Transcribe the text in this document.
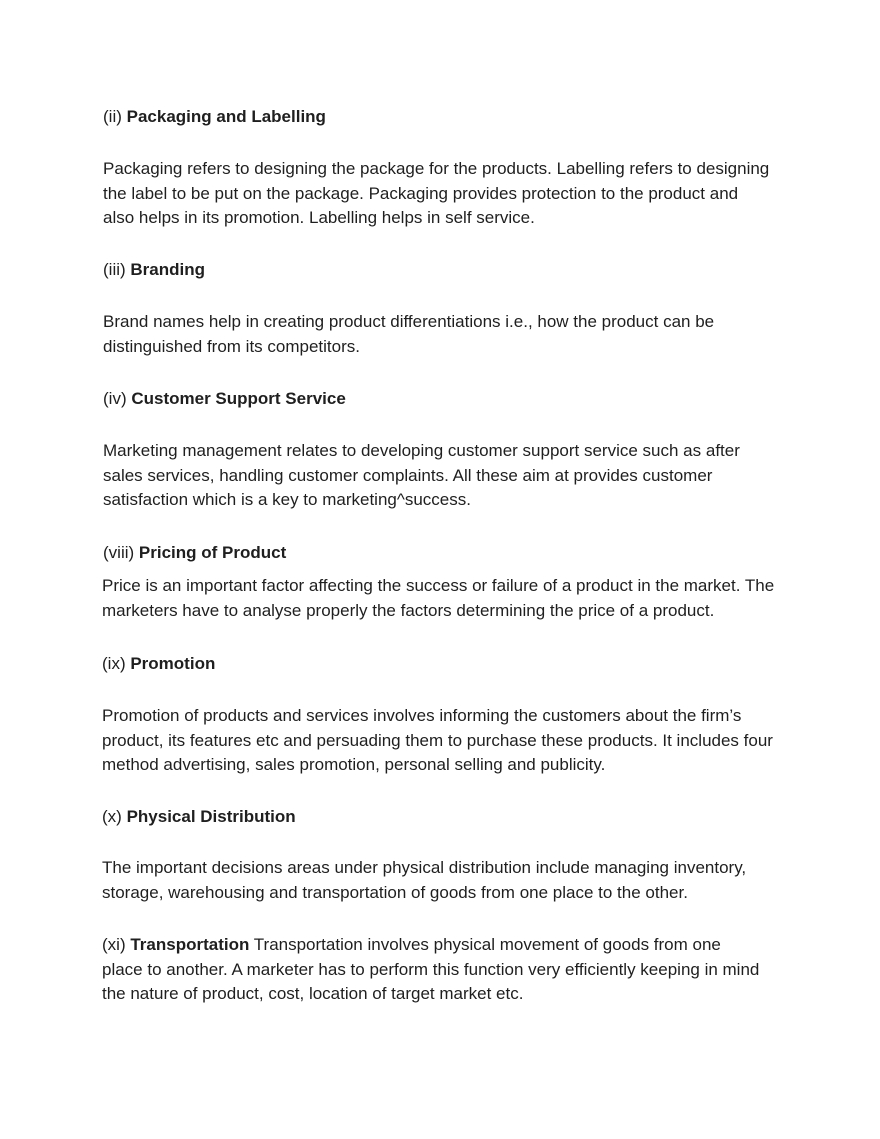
(ii) Packaging and Labelling

Packaging refers to designing the package for the products. Labelling refers to designing the label to be put on the package. Packaging provides protection to the product and also helps in its promotion. Labelling helps in self service.

(iii) Branding

Brand names help in creating product differentiations i.e., how the product can be distinguished from its competitors.

(iv) Customer Support Service

Marketing management relates to developing customer support service such as after sales services, handling customer complaints. All these aim at provides customer satisfaction which is a key to marketing^success.

(viii) Pricing of Product

Price is an important factor affecting the success or failure of a product in the market. The marketers have to analyse properly the factors determining the price of a product.

(ix) Promotion

Promotion of products and services involves informing the customers about the firm’s product, its features etc and persuading them to purchase these products. It includes four method advertising, sales promotion, personal selling and publicity.

(x) Physical Distribution

The important decisions areas under physical distribution include managing inventory, storage, warehousing and transportation of goods from one place to the other.

(xi) Transportation Transportation involves physical movement of goods from one place to another. A marketer has to perform this function very efficiently keeping in mind the nature of product, cost, location of target market etc.
